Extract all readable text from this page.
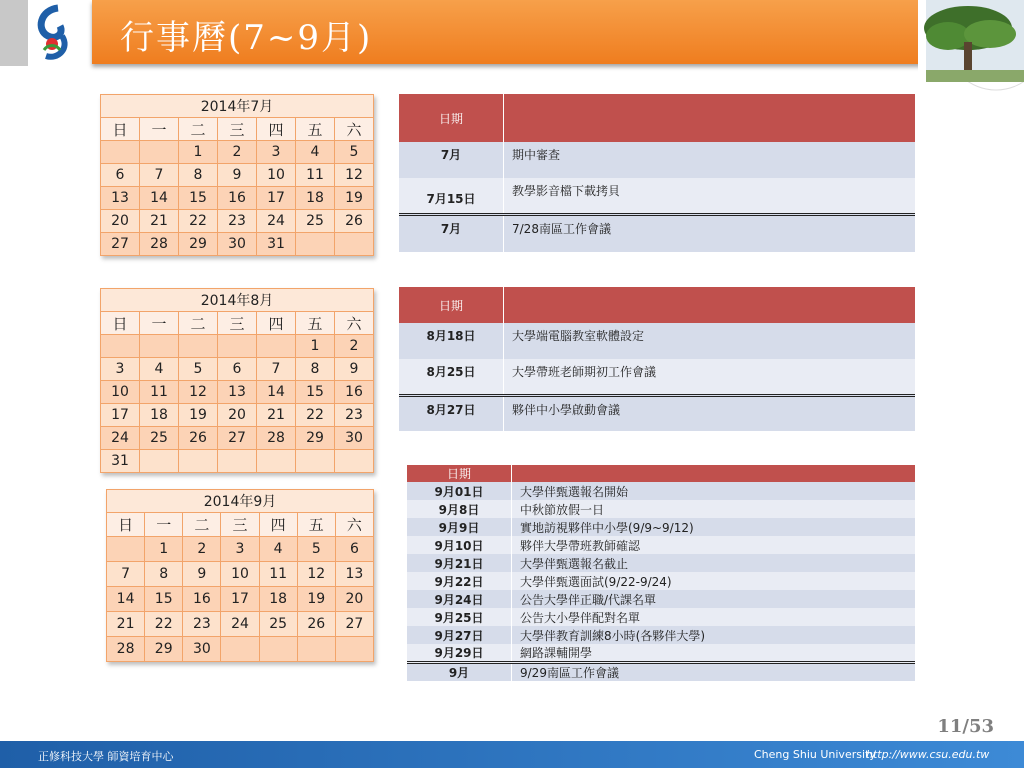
行事曆(7~9月)
2014年7月						
日	一	二	三	四	五	六
		1	2	3	4	5
6	7	8	9	10	11	12
13	14	15	16	17	18	19
20	21	22	23	24	25	26
27	28	29	30	31		
2014年8月						
日	一	二	三	四	五	六
					1	2
3	4	5	6	7	8	9
10	11	12	13	14	15	16
17	18	19	20	21	22	23
24	25	26	27	28	29	30
31						
2014年9月						
日	一	二	三	四	五	六
	1	2	3	4	5	6
7	8	9	10	11	12	13
14	15	16	17	18	19	20
21	22	23	24	25	26	27
28	29	30				
日期	
7月	期中審查
7月15日	教學影音檔下載拷貝
7月	7/28南區工作會議
日期	
8月18日	大學端電腦教室軟體設定
8月25日	大學帶班老師期初工作會議
8月27日	夥伴中小學啟動會議
日期	
9月01日	大學伴甄選報名開始
9月8日	中秋節放假一日
9月9日	實地訪視夥伴中小學(9/9~9/12)
9月10日	夥伴大學帶班教師確認
9月21日	大學伴甄選報名截止
9月22日	大學伴甄選面試(9/22-9/24)
9月24日	公告大學伴正職/代課名單
9月25日	公告大小學伴配對名單
9月27日	大學伴教育訓練8小時(各夥伴大學)
9月29日	網路課輔開學
9月	9/29南區工作會議
11/53
正修科技大學 師資培育中心	Cheng Shiu University
http://www.csu.edu.tw
